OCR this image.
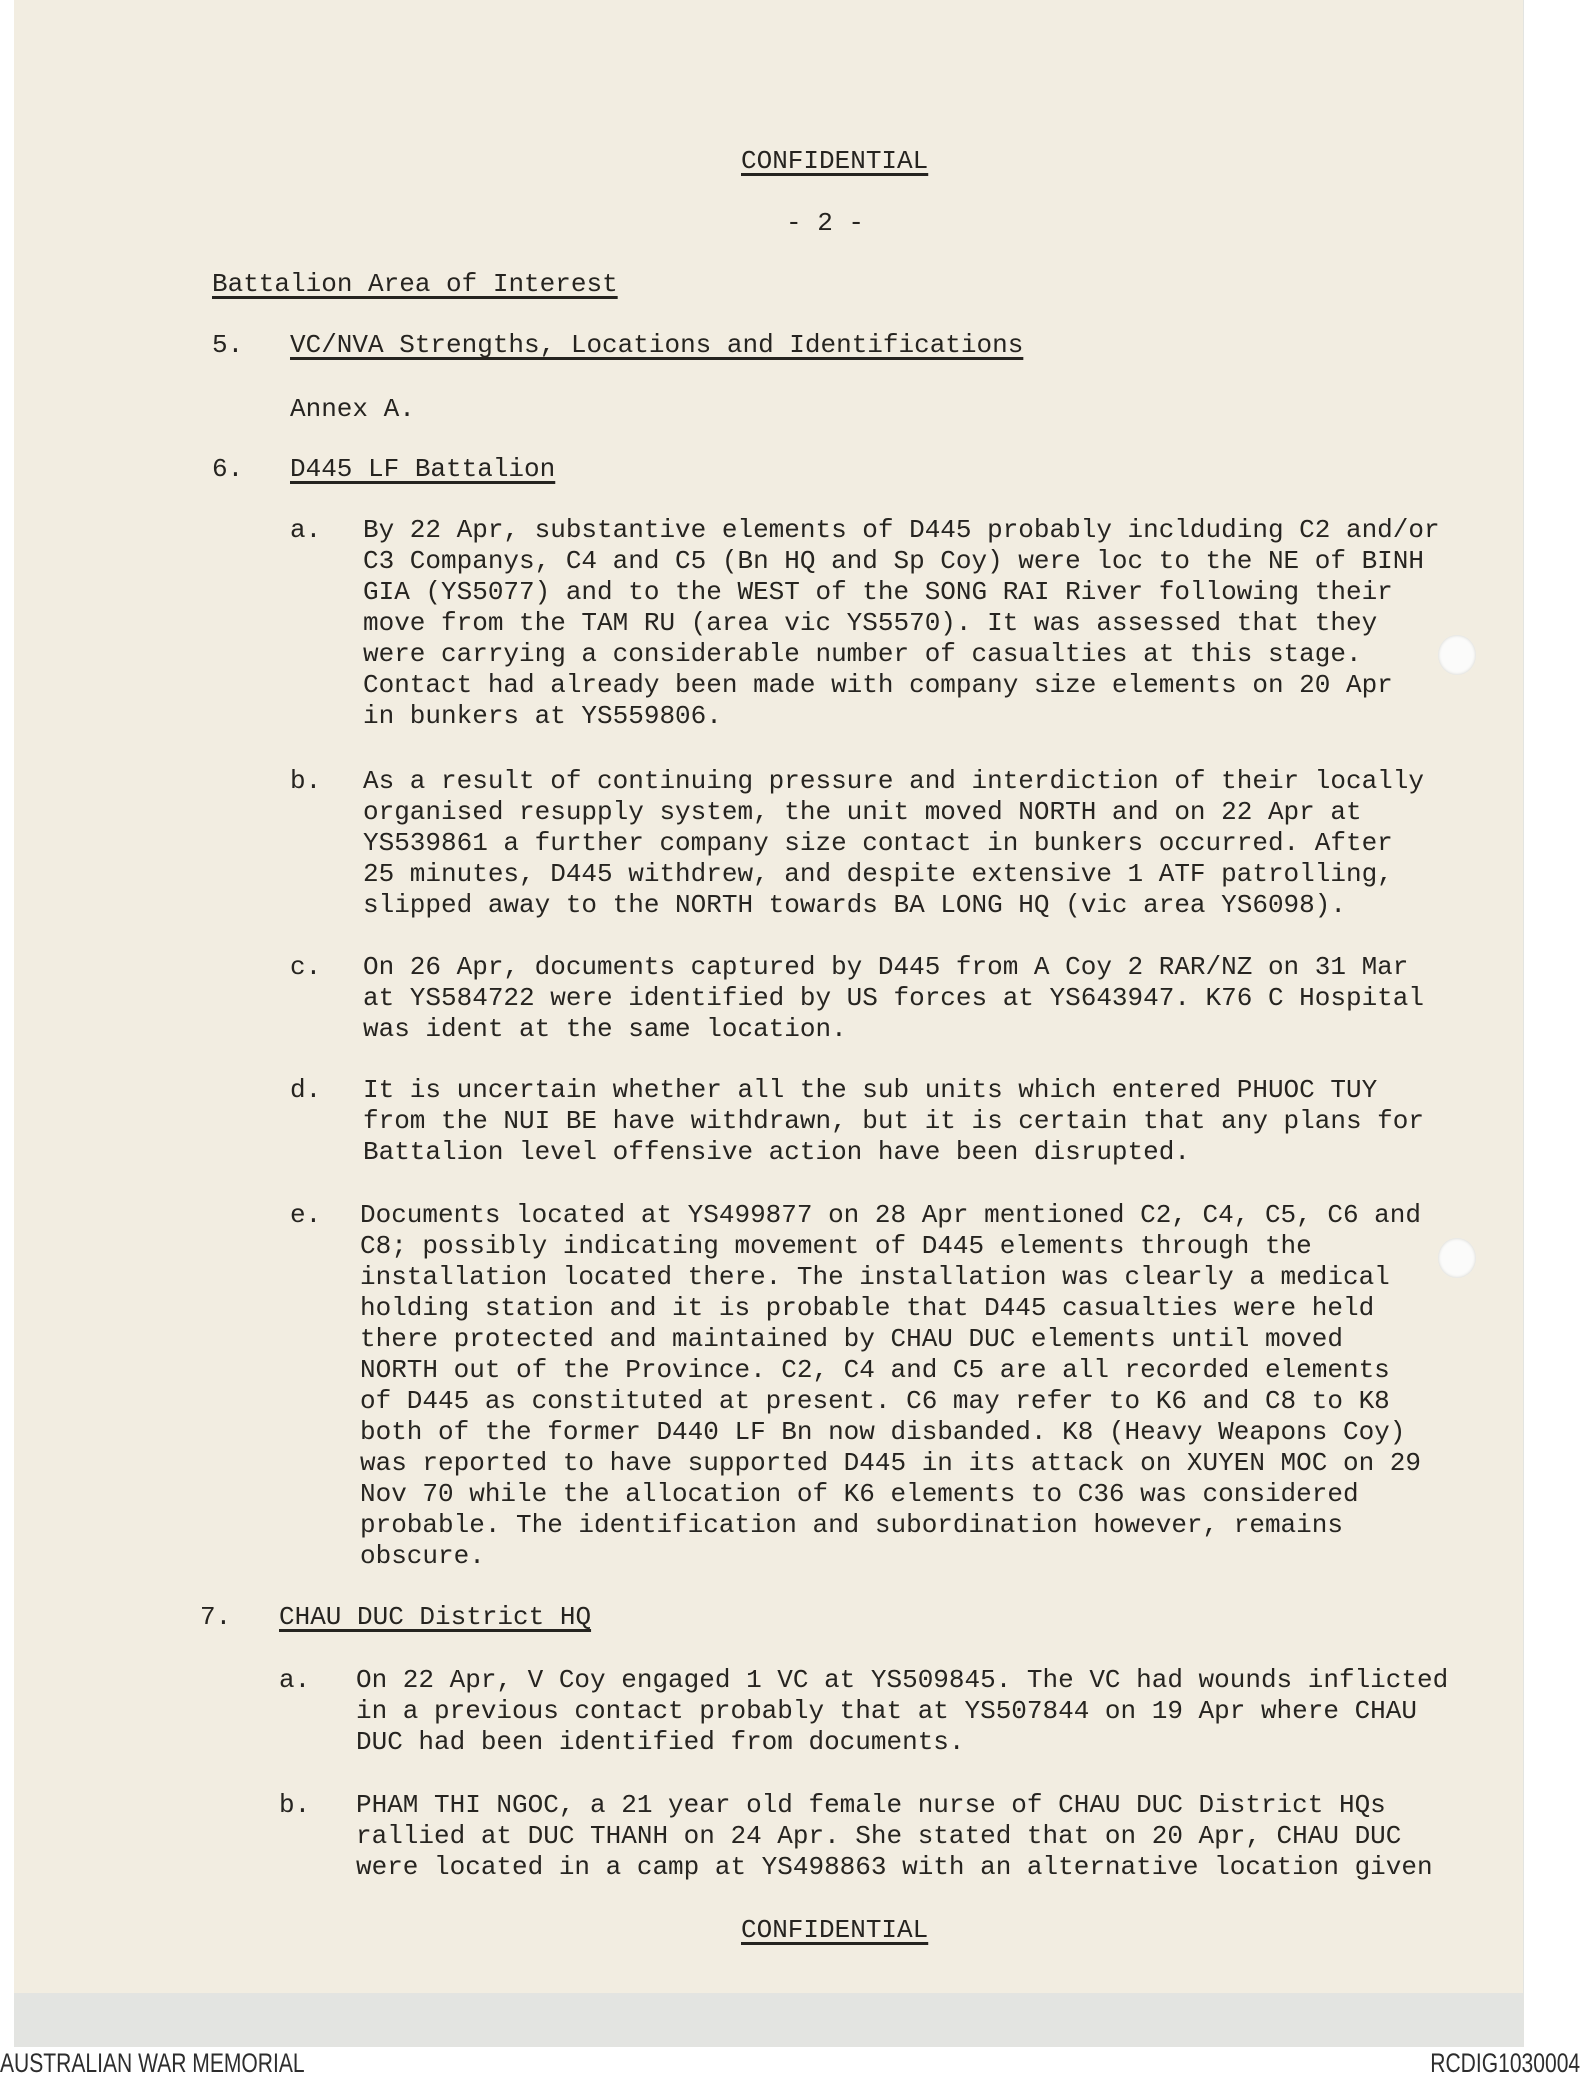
CONFIDENTIAL
- 2 -
Battalion Area of Interest
5. VC/NVA Strengths, Locations and Identifications
Annex A.
6. D445 LF Battalion
a. By 22 Apr, substantive elements of D445 probably inclduding C2 and/or
C3 Companys, C4 and C5 (Bn HQ and Sp Coy) were loc to the NE of BINH
GIA (YS5077) and to the WEST of the SONG RAI River following their
move from the TAM RU (area vic YS5570). It was assessed that they
were carrying a considerable number of casualties at this stage.
Contact had already been made with company size elements on 20 Apr
in bunkers at YS559806.
b. As a result of continuing pressure and interdiction of their locally
organised resupply system, the unit moved NORTH and on 22 Apr at
YS539861 a further company size contact in bunkers occurred. After
25 minutes, D445 withdrew, and despite extensive 1 ATF patrolling,
slipped away to the NORTH towards BA LONG HQ (vic area YS6098).
c. On 26 Apr, documents captured by D445 from A Coy 2 RAR/NZ on 31 Mar
at YS584722 were identified by US forces at YS643947. K76 C Hospital
was ident at the same location.
d. It is uncertain whether all the sub units which entered PHUOC TUY
from the NUI BE have withdrawn, but it is certain that any plans for
Battalion level offensive action have been disrupted.
e. Documents located at YS499877 on 28 Apr mentioned C2, C4, C5, C6 and
C8; possibly indicating movement of D445 elements through the
installation located there. The installation was clearly a medical
holding station and it is probable that D445 casualties were held
there protected and maintained by CHAU DUC elements until moved
NORTH out of the Province. C2, C4 and C5 are all recorded elements
of D445 as constituted at present. C6 may refer to K6 and C8 to K8
both of the former D440 LF Bn now disbanded. K8 (Heavy Weapons Coy)
was reported to have supported D445 in its attack on XUYEN MOC on 29
Nov 70 while the allocation of K6 elements to C36 was considered
probable. The identification and subordination however, remains
obscure.
7. CHAU DUC District HQ
a. On 22 Apr, V Coy engaged 1 VC at YS509845. The VC had wounds inflicted
in a previous contact probably that at YS507844 on 19 Apr where CHAU
DUC had been identified from documents.
b. PHAM THI NGOC, a 21 year old female nurse of CHAU DUC District HQs
rallied at DUC THANH on 24 Apr. She stated that on 20 Apr, CHAU DUC
were located in a camp at YS498863 with an alternative location given
CONFIDENTIAL
AUSTRALIAN WAR MEMORIAL	RCDIG1030004
